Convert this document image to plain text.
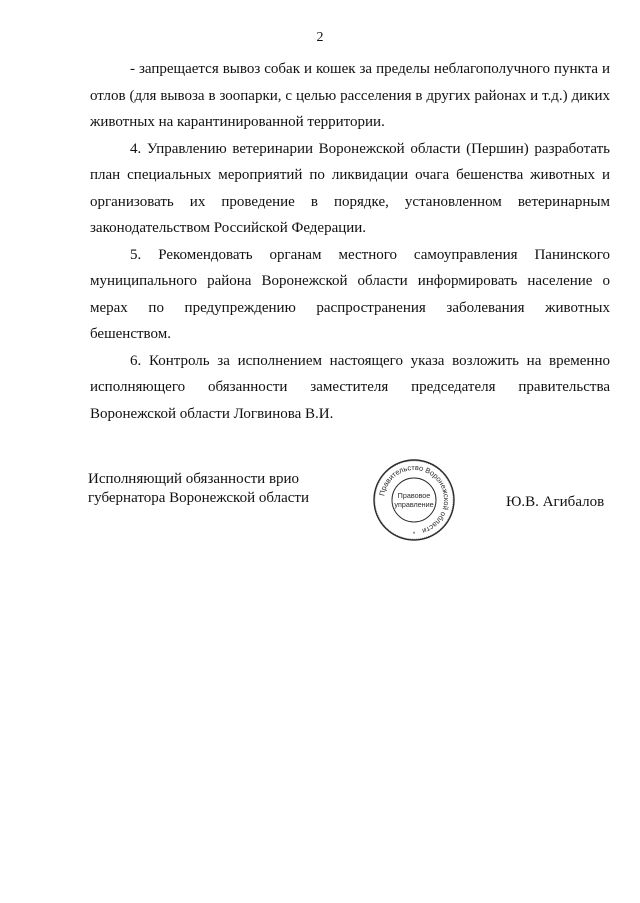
2

- запрещается вывоз собак и кошек за пределы неблагополучного пункта и отлов (для вывоза в зоопарки, с целью расселения в других районах и т.д.) диких животных на карантинированной территории.

4. Управлению ветеринарии Воронежской области (Першин) разработать план специальных мероприятий по ликвидации очага бешенства животных и организовать их проведение в порядке, установленном ветеринарным законодательством Российской Федерации.

5. Рекомендовать органам местного самоуправления Панинского муниципального района Воронежской области информировать население о мерах по предупреждению распространения заболевания животных бешенством.

6. Контроль за исполнением настоящего указа возложить на временно исполняющего обязанности заместителя председателя правительства Воронежской области Логвинова В.И.

Исполняющий обязанности врио
губернатора Воронежской области	Правительство Воронежской области
Правовое
управление
*
Ю.В. Агибалов
